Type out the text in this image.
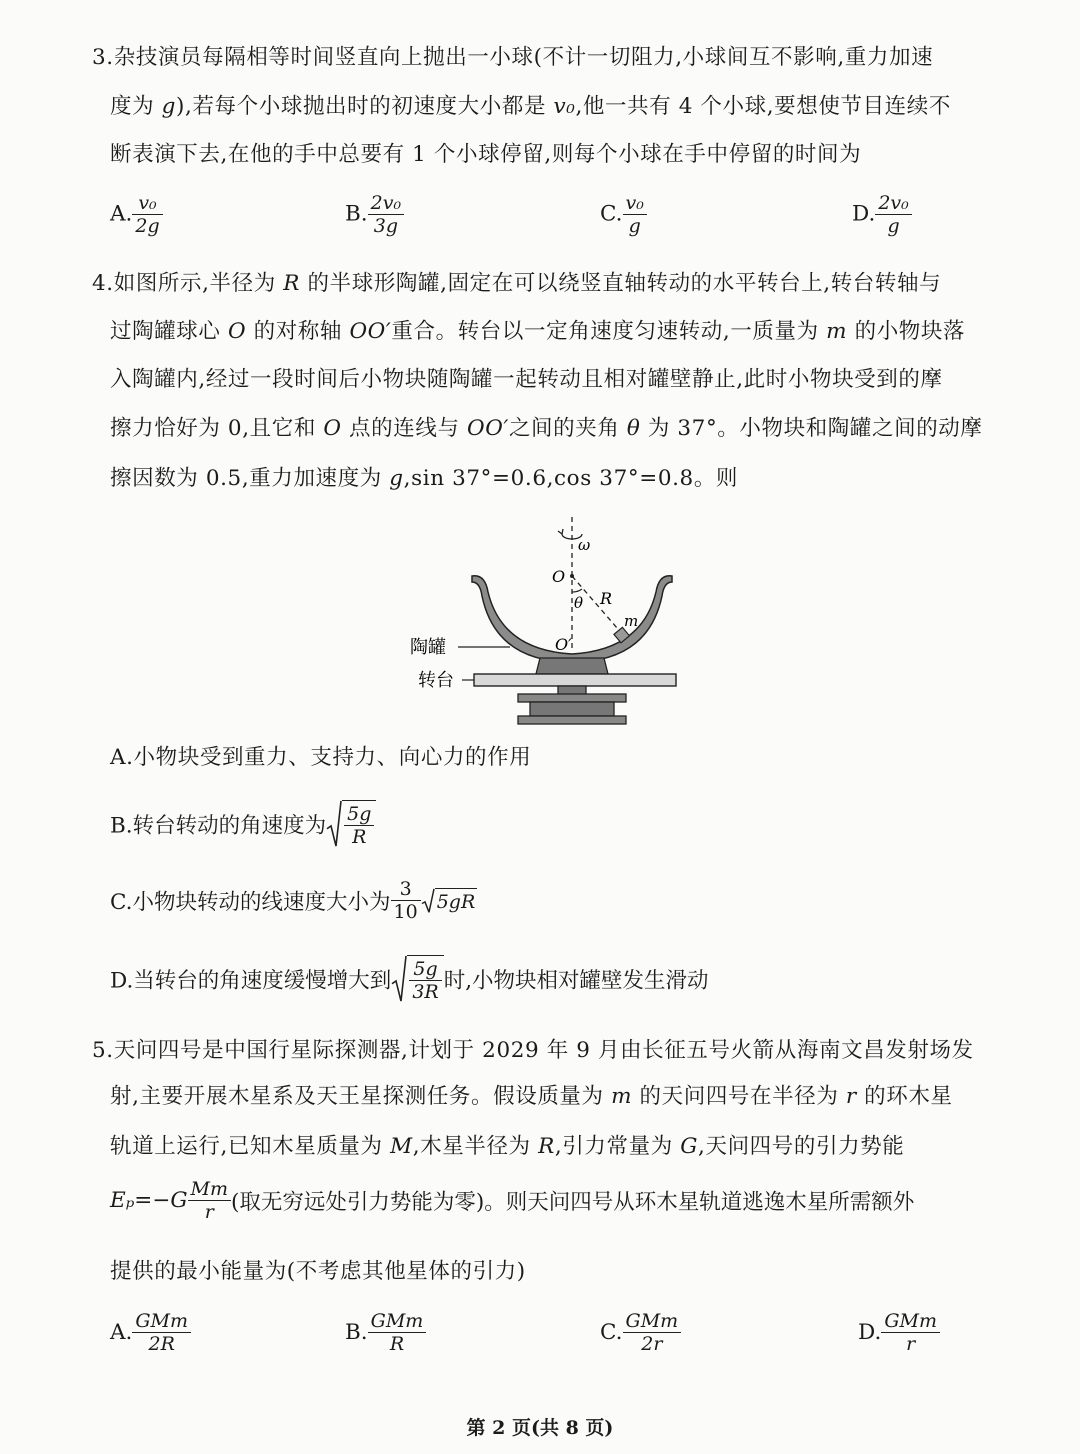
3.杂技演员每隔相等时间竖直向上抛出一小球(不计一切阻力,小球间互不影响,重力加速
度为 g),若每个小球抛出时的初速度大小都是 v₀,他一共有 4 个小球,要想使节目连续不
断表演下去,在他的手中总要有 1 个小球停留,则每个小球在手中停留的时间为
A. $\frac{\text{v₀}}{2g}$	B. $\frac{\text{2v₀}}{3g}$	C. $\frac{\text{v₀}}{g}$	D. $\frac{\text{2v₀}}{g}$
4.如图所示,半径为 R 的半球形陶罐,固定在可以绕竖直轴转动的水平转台上,转台转轴与
过陶罐球心 O 的对称轴 OO′重合。转台以一定角速度匀速转动,一质量为 m 的小物块落
入陶罐内,经过一段时间后小物块随陶罐一起转动且相对罐壁静止,此时小物块受到的摩
擦力恰好为 0,且它和 O 点的连线与 OO′之间的夹角 θ 为 37°。小物块和陶罐之间的动摩
擦因数为 0.5,重力加速度为 g,sin 37°=0.6,cos 37°=0.8。则
ω
O
θ R
m
O′
陶罐
转台
A.小物块受到重力、支持力、向心力的作用
B.转台转动的角速度为 $\frac{5g}{R}$
C.小物块转动的线速度大小为 $\frac{3}{10} 5gR$
D.当转台的角速度缓慢增大到 $\frac{5g}{3R}$ 时,小物块相对罐壁发生滑动
5.天问四号是中国行星际探测器,计划于 2029 年 9 月由长征五号火箭从海南文昌发射场发
射,主要开展木星系及天王星探测任务。假设质量为 m 的天问四号在半径为 r 的环木星
轨道上运行,已知木星质量为 M,木星半径为 R,引力常量为 G,天问四号的引力势能
$E_p=-G \frac{Mm}{r}$ (取无穷远处引力势能为零)。则天问四号从环木星轨道逃逸木星所需额外
提供的最小能量为(不考虑其他星体的引力)
A. $\frac{\text{GMm}}{2R}$	B. $\frac{\text{GMm}}{R}$	C. $\frac{\text{GMm}}{2r}$	D. $\frac{\text{GMm}}{r}$
第 2 页(共 8 页)
